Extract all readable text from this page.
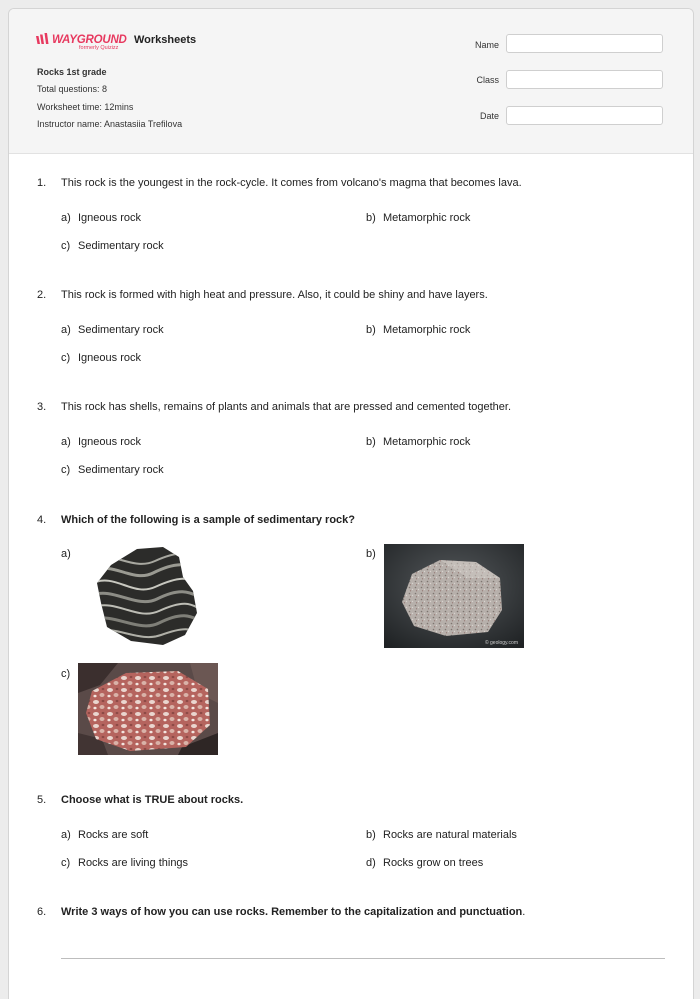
WAYGROUND
formerly Quizizz
Worksheets
Rocks 1st grade
Total questions: 8
Worksheet time: 12mins
Instructor name: Anastasiia Trefilova
Name
Class
Date
1. This rock is the youngest in the rock-cycle. It comes from volcano's magma that becomes lava.
a) Igneous rock	b) Metamorphic rock
c) Sedimentary rock
2. This rock is formed with high heat and pressure. Also, it could be shiny and have layers.
a) Sedimentary rock	b) Metamorphic rock
c) Igneous rock
3. This rock has shells, remains of plants and animals that are pressed and cemented together.
a) Igneous rock	b) Metamorphic rock
c) Sedimentary rock
4. Which of the following is a sample of sedimentary rock?
a)	b)
© geology.com
c)
5. Choose what is TRUE about rocks.
a) Rocks are soft	b) Rocks are natural materials
c) Rocks are living things	d) Rocks grow on trees
6. Write 3 ways of how you can use rocks. Remember to the capitalization and punctuation.
